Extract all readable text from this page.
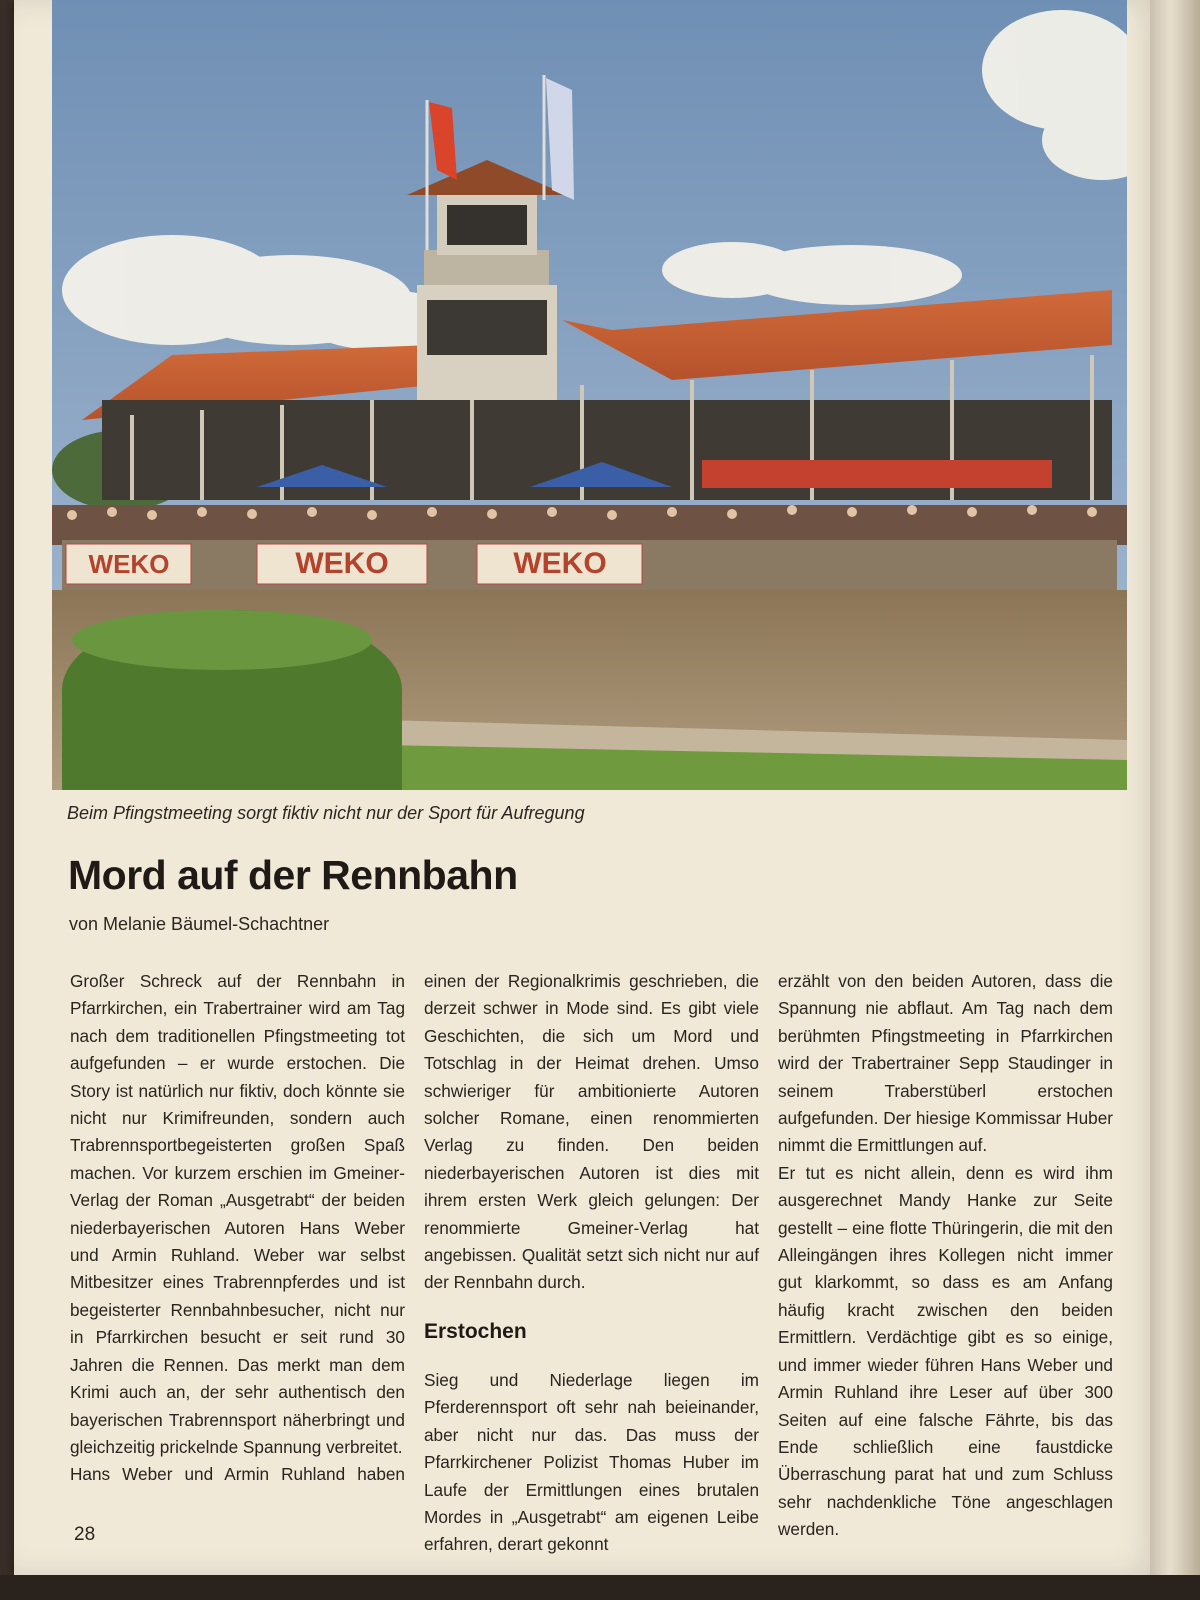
WEKO	WEKO	WEKO
Beim Pfingstmeeting sorgt fiktiv nicht nur der Sport für Aufregung
Mord auf der Rennbahn
von Melanie Bäumel-Schachtner

Großer Schreck auf der Rennbahn in Pfarrkirchen, ein Trabertrainer wird am Tag nach dem traditionellen Pfingstmeeting tot aufgefunden – er wurde erstochen. Die Story ist natürlich nur fiktiv, doch könnte sie nicht nur Krimifreunden, sondern auch Trabrennsportbegeisterten großen Spaß machen. Vor kurzem erschien im Gmeiner-Verlag der Roman „Ausgetrabt“ der beiden niederbayerischen Autoren Hans Weber und Armin Ruhland. Weber war selbst Mitbesitzer eines Trabrennpferdes und ist begeisterter Rennbahnbesucher, nicht nur in Pfarrkirchen besucht er seit rund 30 Jahren die Rennen. Das merkt man dem Krimi auch an, der sehr authentisch den bayerischen Trabrennsport näherbringt und gleichzeitig prickelnde Spannung verbreitet.

Hans Weber und Armin Ruhland haben

einen der Regionalkrimis geschrieben, die derzeit schwer in Mode sind. Es gibt viele Geschichten, die sich um Mord und Totschlag in der Heimat drehen. Umso schwieriger für ambitionierte Autoren solcher Romane, einen renommierten Verlag zu finden. Den beiden niederbayerischen Autoren ist dies mit ihrem ersten Werk gleich gelungen: Der renommierte Gmeiner-Verlag hat angebissen. Qualität setzt sich nicht nur auf der Rennbahn durch.

Erstochen

Sieg und Niederlage liegen im Pferderennsport oft sehr nah beieinander, aber nicht nur das. Das muss der Pfarrkirchener Polizist Thomas Huber im Laufe der Ermittlungen eines brutalen Mordes in „Ausgetrabt“ am eigenen Leibe erfahren, derart gekonnt

erzählt von den beiden Autoren, dass die Spannung nie abflaut. Am Tag nach dem berühmten Pfingstmeeting in Pfarrkirchen wird der Trabertrainer Sepp Staudinger in seinem Traberstüberl erstochen aufgefunden. Der hiesige Kommissar Huber nimmt die Ermittlungen auf.

Er tut es nicht allein, denn es wird ihm ausgerechnet Mandy Hanke zur Seite gestellt – eine flotte Thüringerin, die mit den Alleingängen ihres Kollegen nicht immer gut klarkommt, so dass es am Anfang häufig kracht zwischen den beiden Ermittlern. Verdächtige gibt es so einige, und immer wieder führen Hans Weber und Armin Ruhland ihre Leser auf über 300 Seiten auf eine falsche Fährte, bis das Ende schließlich eine faustdicke Überraschung parat hat und zum Schluss sehr nachdenkliche Töne angeschlagen werden.

28
